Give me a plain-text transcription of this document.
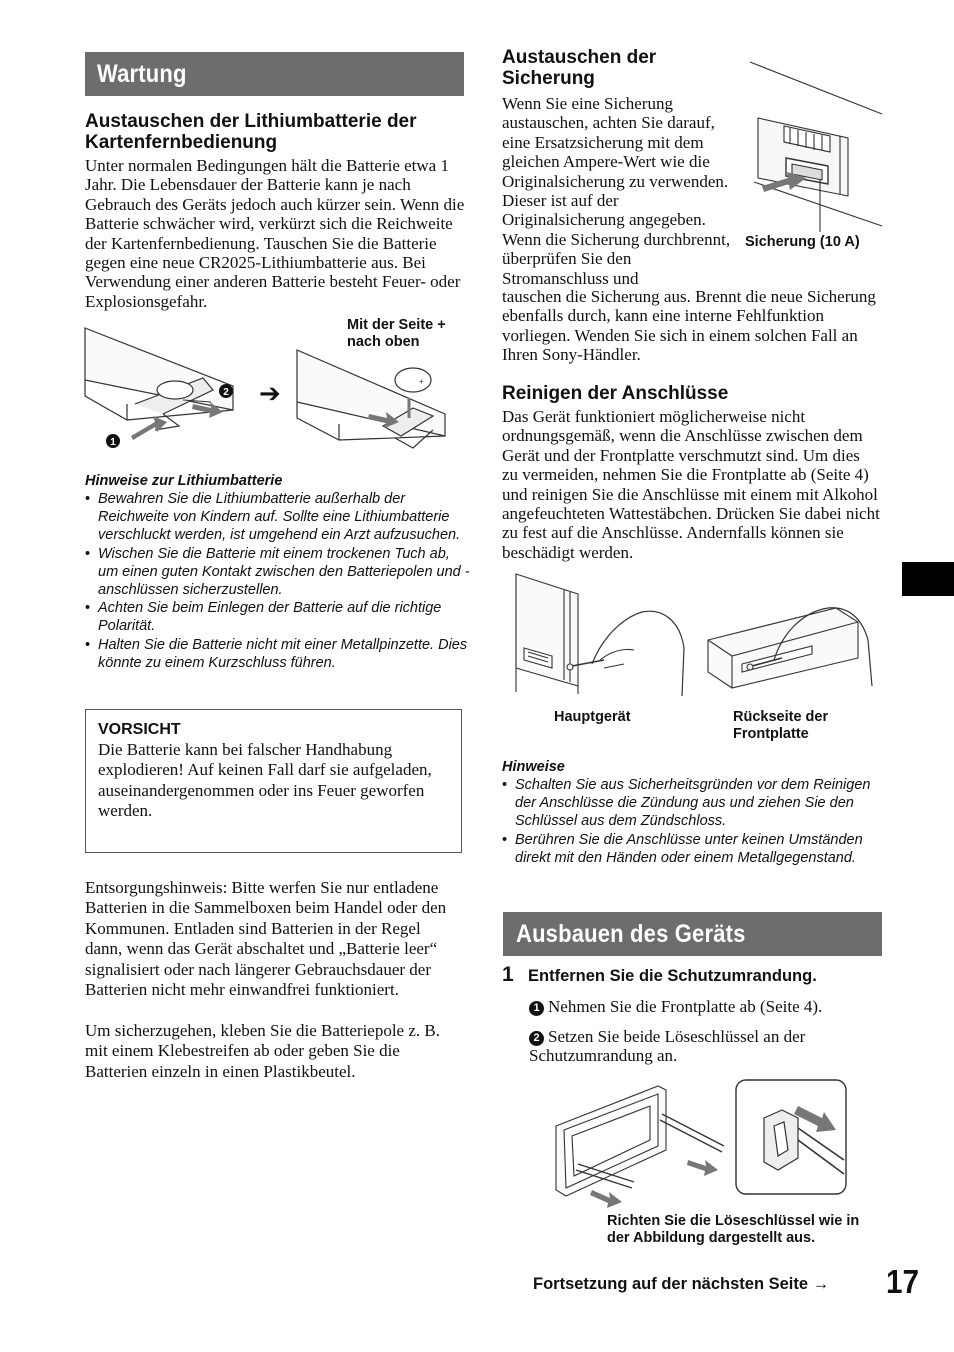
Wartung
Austauschen der Lithiumbatterie der Kartenfernbedienung

Unter normalen Bedingungen hält die Batterie etwa 1 Jahr. Die Lebensdauer der Batterie kann je nach Gebrauch des Geräts jedoch auch kürzer sein. Wenn die Batterie schwächer wird, verkürzt sich die Reichweite der Kartenfernbedienung. Tauschen Sie die Batterie gegen eine neue CR2025-Lithiumbatterie aus. Bei Verwendung einer anderen Batterie besteht Feuer- oder Explosionsgefahr.

1
2 ➔	+
Mit der Seite + nach oben
Hinweise zur Lithiumbatterie
• Bewahren Sie die Lithiumbatterie außerhalb der Reichweite von Kindern auf. Sollte eine Lithiumbatterie verschluckt werden, ist umgehend ein Arzt aufzusuchen.
• Wischen Sie die Batterie mit einem trockenen Tuch ab, um einen guten Kontakt zwischen den Batteriepolen und -anschlüssen sicherzustellen.
• Achten Sie beim Einlegen der Batterie auf die richtige Polarität.
• Halten Sie die Batterie nicht mit einer Metallpinzette. Dies könnte zu einem Kurzschluss führen.
VORSICHT

Die Batterie kann bei falscher Handhabung explodieren! Auf keinen Fall darf sie aufgeladen, auseinandergenommen oder ins Feuer geworfen werden.

Entsorgungshinweis: Bitte werfen Sie nur entladene Batterien in die Sammelboxen beim Handel oder den Kommunen. Entladen sind Batterien in der Regel dann, wenn das Gerät abschaltet und „Batterie leer“ signalisiert oder nach längerer Gebrauchsdauer der Batterien nicht mehr einwandfrei funktioniert.

Um sicherzugehen, kleben Sie die Batteriepole z. B. mit einem Klebestreifen ab oder geben Sie die Batterien einzeln in einen Plastikbeutel.

Austauschen der Sicherung

Wenn Sie eine Sicherung austauschen, achten Sie darauf, eine Ersatzsicherung mit dem gleichen Ampere-Wert wie die Originalsicherung zu verwenden. Dieser ist auf der Originalsicherung angegeben. Wenn die Sicherung durchbrennt, überprüfen Sie den Stromanschluss und

tauschen die Sicherung aus. Brennt die neue Sicherung ebenfalls durch, kann eine interne Fehlfunktion vorliegen. Wenden Sie sich in einem solchen Fall an Ihren Sony-Händler.

Sicherung (10 A)
Reinigen der Anschlüsse

Das Gerät funktioniert möglicherweise nicht ordnungsgemäß, wenn die Anschlüsse zwischen dem Gerät und der Frontplatte verschmutzt sind. Um dies zu vermeiden, nehmen Sie die Frontplatte ab (Seite 4) und reinigen Sie die Anschlüsse mit einem mit Alkohol angefeuchteten Wattestäbchen. Drücken Sie dabei nicht zu fest auf die Anschlüsse. Andernfalls können sie beschädigt werden.

Hauptgerät	Rückseite der Frontplatte
Hinweise
• Schalten Sie aus Sicherheitsgründen vor dem Reinigen der Anschlüsse die Zündung aus und ziehen Sie den Schlüssel aus dem Zündschloss.
• Berühren Sie die Anschlüsse unter keinen Umständen direkt mit den Händen oder einem Metallgegenstand.
Ausbauen des Geräts
1 Entfernen Sie die Schutzumrandung.
1 Nehmen Sie die Frontplatte ab (Seite 4).
2 Setzen Sie beide Löseschlüssel an der Schutzumrandung an.
Richten Sie die Löseschlüssel wie in der Abbildung dargestellt aus.
Fortsetzung auf der nächsten Seite → 17
